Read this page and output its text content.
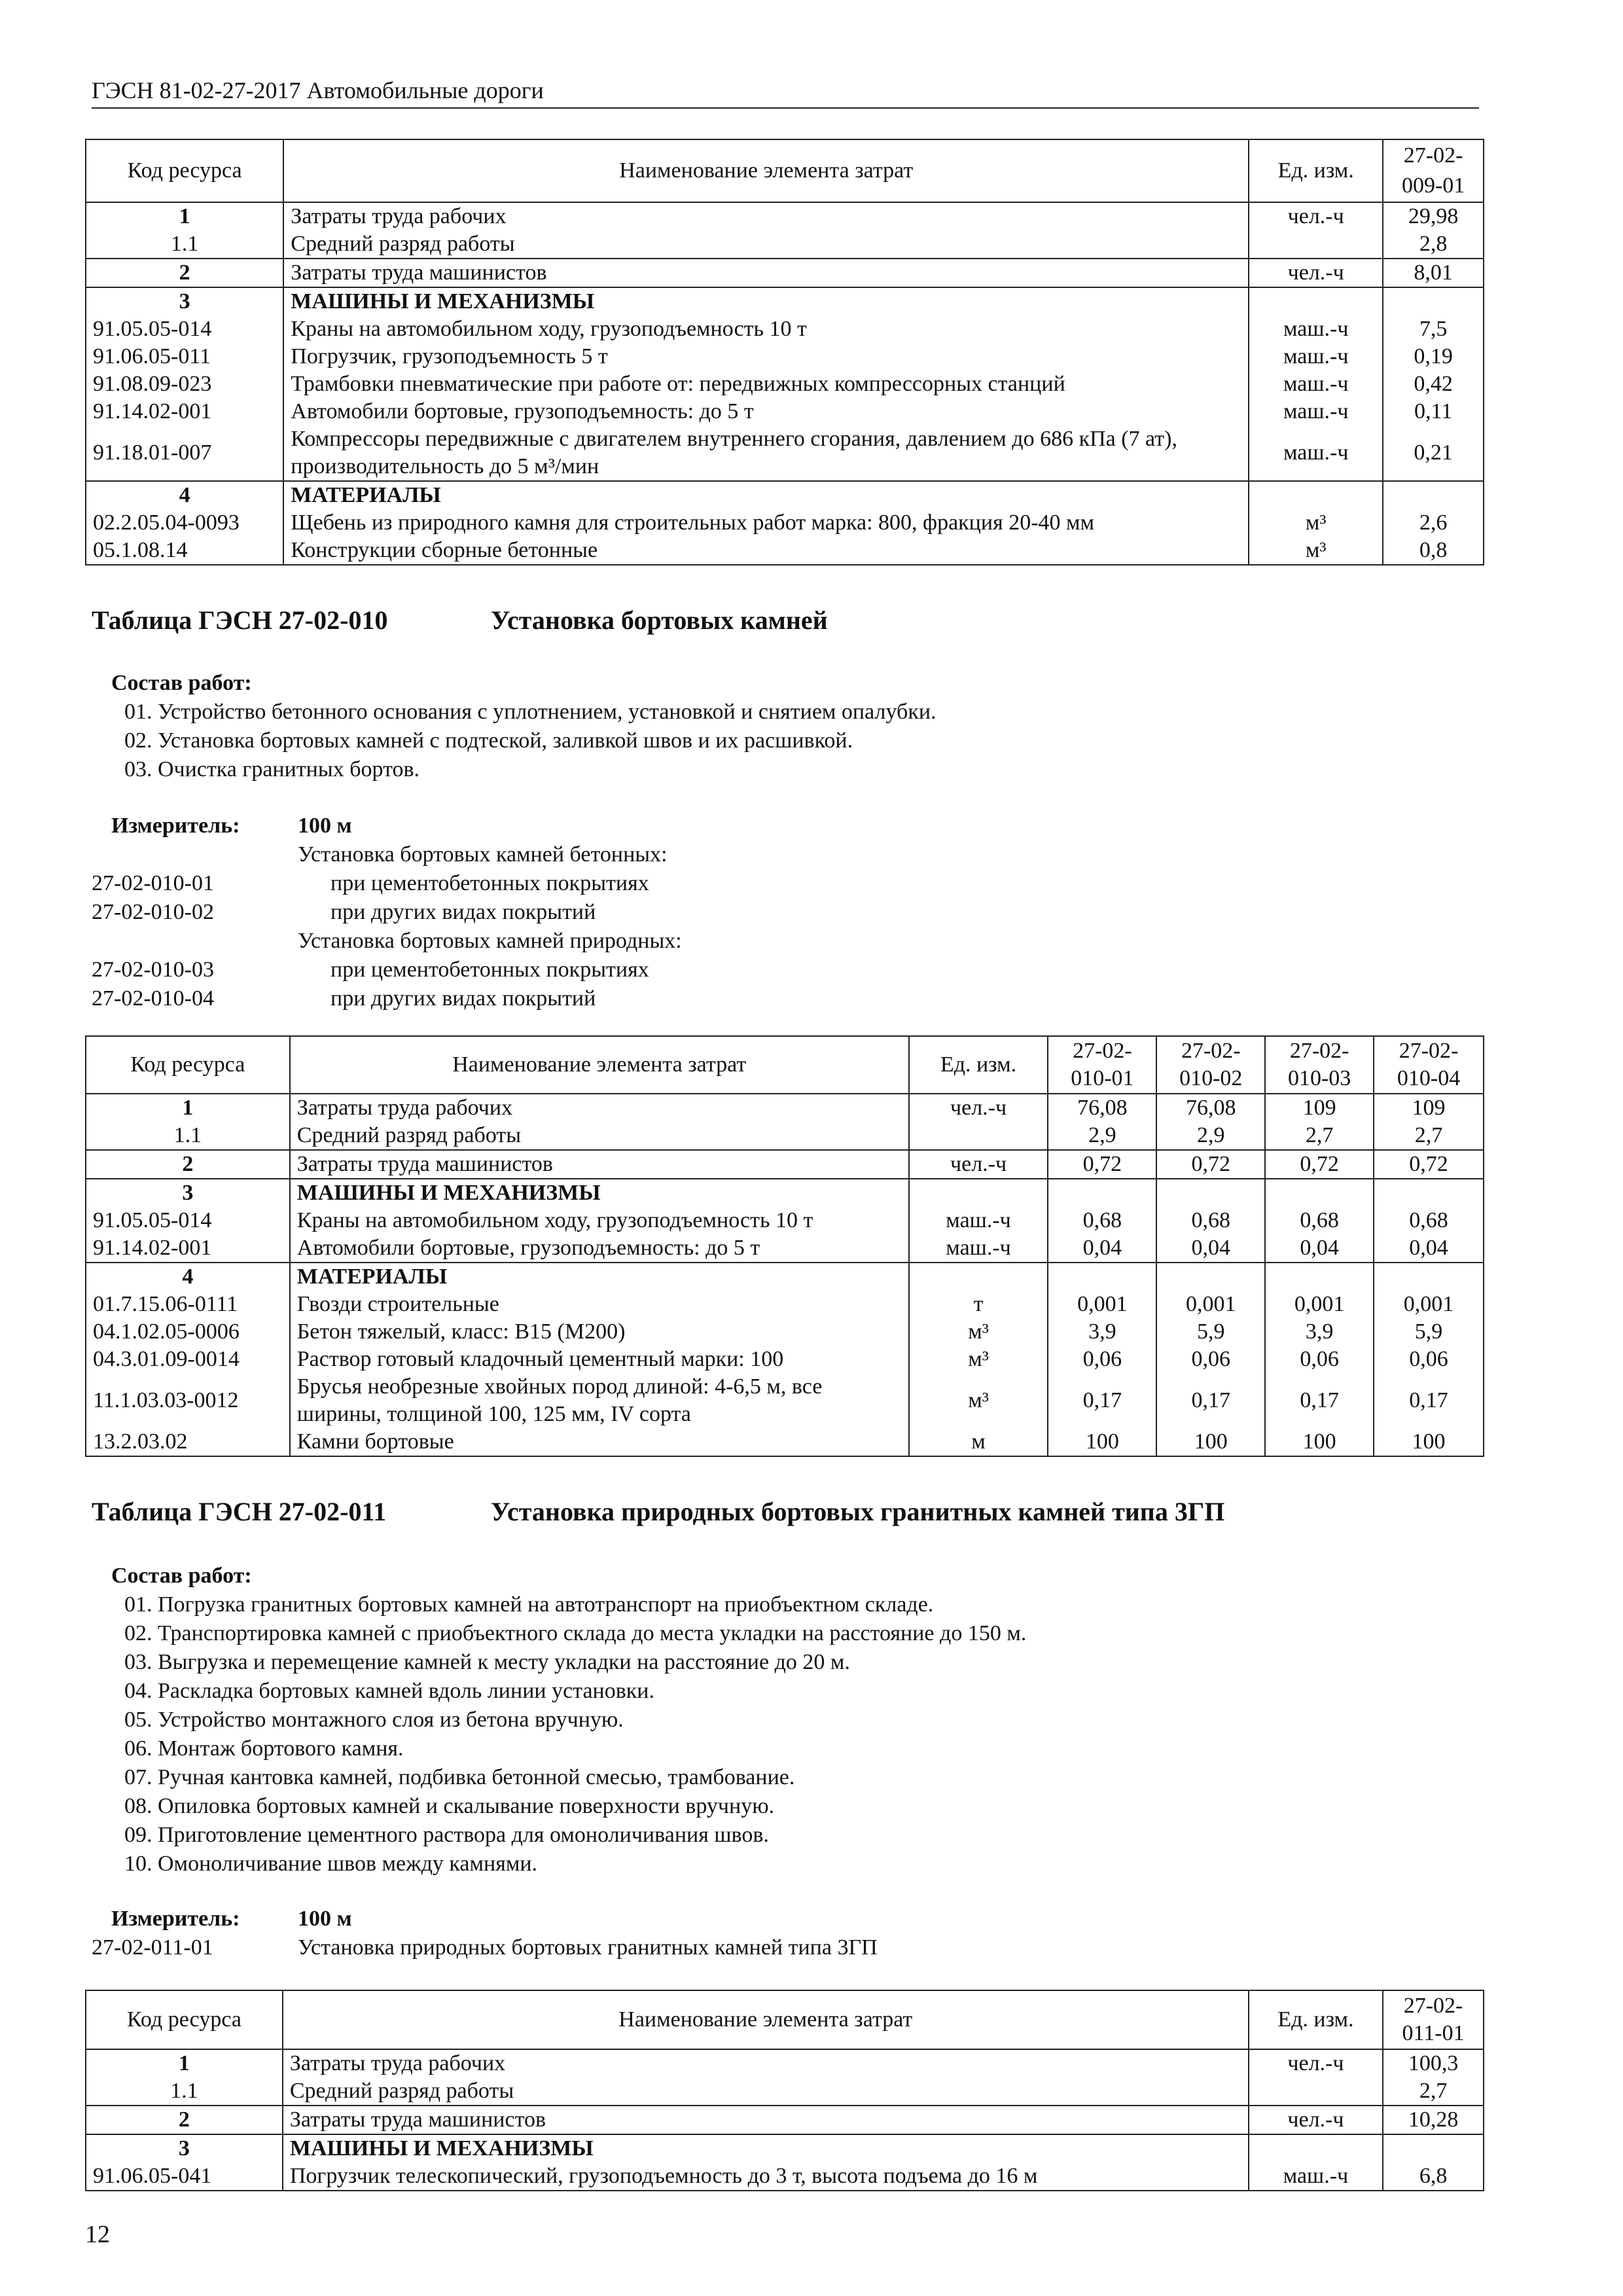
ГЭСН 81-02-27-2017 Автомобильные дороги
Код ресурса	Наименование элемента затрат	Ед. изм.	27-02-009-01
1	Затраты труда рабочих	чел.-ч	29,98
1.1	Средний разряд работы		2,8
2	Затраты труда машинистов	чел.-ч	8,01
3	МАШИНЫ И МЕХАНИЗМЫ		
91.05.05-014	Краны на автомобильном ходу, грузоподъемность 10 т	маш.-ч	7,5
91.06.05-011	Погрузчик, грузоподъемность 5 т	маш.-ч	0,19
91.08.09-023	Трамбовки пневматические при работе от: передвижных компрессорных станций	маш.-ч	0,42
91.14.02-001	Автомобили бортовые, грузоподъемность: до 5 т	маш.-ч	0,11
91.18.01-007	Компрессоры передвижные с двигателем внутреннего сгорания, давлением до 686 кПа (7 ат), производительность до 5 м³/мин	маш.-ч	0,21
4	МАТЕРИАЛЫ		
02.2.05.04-0093	Щебень из природного камня для строительных работ марка: 800, фракция 20-40 мм	м³	2,6
05.1.08.14	Конструкции сборные бетонные	м³	0,8
Таблица ГЭСН 27-02-010	Установка бортовых камней
Состав работ:
01. Устройство бетонного основания с уплотнением, установкой и снятием опалубки.
02. Установка бортовых камней с подтеской, заливкой швов и их расшивкой.
03. Очистка гранитных бортов.
Измеритель:	100 м
Установка бортовых камней бетонных:
27-02-010-01	при цементобетонных покрытиях
27-02-010-02	при других видах покрытий
Установка бортовых камней природных:
27-02-010-03	при цементобетонных покрытиях
27-02-010-04	при других видах покрытий
Код ресурса	Наименование элемента затрат	Ед. изм.	27-02-010-01	27-02-010-02	27-02-010-03	27-02-010-04
1	Затраты труда рабочих	чел.-ч	76,08	76,08	109	109
1.1	Средний разряд работы		2,9	2,9	2,7	2,7
2	Затраты труда машинистов	чел.-ч	0,72	0,72	0,72	0,72
3	МАШИНЫ И МЕХАНИЗМЫ					
91.05.05-014	Краны на автомобильном ходу, грузоподъемность 10 т	маш.-ч	0,68	0,68	0,68	0,68
91.14.02-001	Автомобили бортовые, грузоподъемность: до 5 т	маш.-ч	0,04	0,04	0,04	0,04
4	МАТЕРИАЛЫ					
01.7.15.06-0111	Гвозди строительные	т	0,001	0,001	0,001	0,001
04.1.02.05-0006	Бетон тяжелый, класс: В15 (М200)	м³	3,9	5,9	3,9	5,9
04.3.01.09-0014	Раствор готовый кладочный цементный марки: 100	м³	0,06	0,06	0,06	0,06
11.1.03.03-0012	Брусья необрезные хвойных пород длиной: 4-6,5 м, все ширины, толщиной 100, 125 мм, IV сорта	м³	0,17	0,17	0,17	0,17
13.2.03.02	Камни бортовые	м	100	100	100	100
Таблица ГЭСН 27-02-011	Установка природных бортовых гранитных камней типа 3ГП
Состав работ:
01. Погрузка гранитных бортовых камней на автотранспорт на приобъектном складе.
02. Транспортировка камней с приобъектного склада до места укладки на расстояние до 150 м.
03. Выгрузка и перемещение камней к месту укладки на расстояние до 20 м.
04. Раскладка бортовых камней вдоль линии установки.
05. Устройство монтажного слоя из бетона вручную.
06. Монтаж бортового камня.
07. Ручная кантовка камней, подбивка бетонной смесью, трамбование.
08. Опиловка бортовых камней и скалывание поверхности вручную.
09. Приготовление цементного раствора для омоноличивания швов.
10. Омоноличивание швов между камнями.
Измеритель:	100 м
27-02-011-01	Установка природных бортовых гранитных камней типа 3ГП
Код ресурса	Наименование элемента затрат	Ед. изм.	27-02-011-01
1	Затраты труда рабочих	чел.-ч	100,3
1.1	Средний разряд работы		2,7
2	Затраты труда машинистов	чел.-ч	10,28
3	МАШИНЫ И МЕХАНИЗМЫ		
91.06.05-041	Погрузчик телескопический, грузоподъемность до 3 т, высота подъема до 16 м	маш.-ч	6,8
12
